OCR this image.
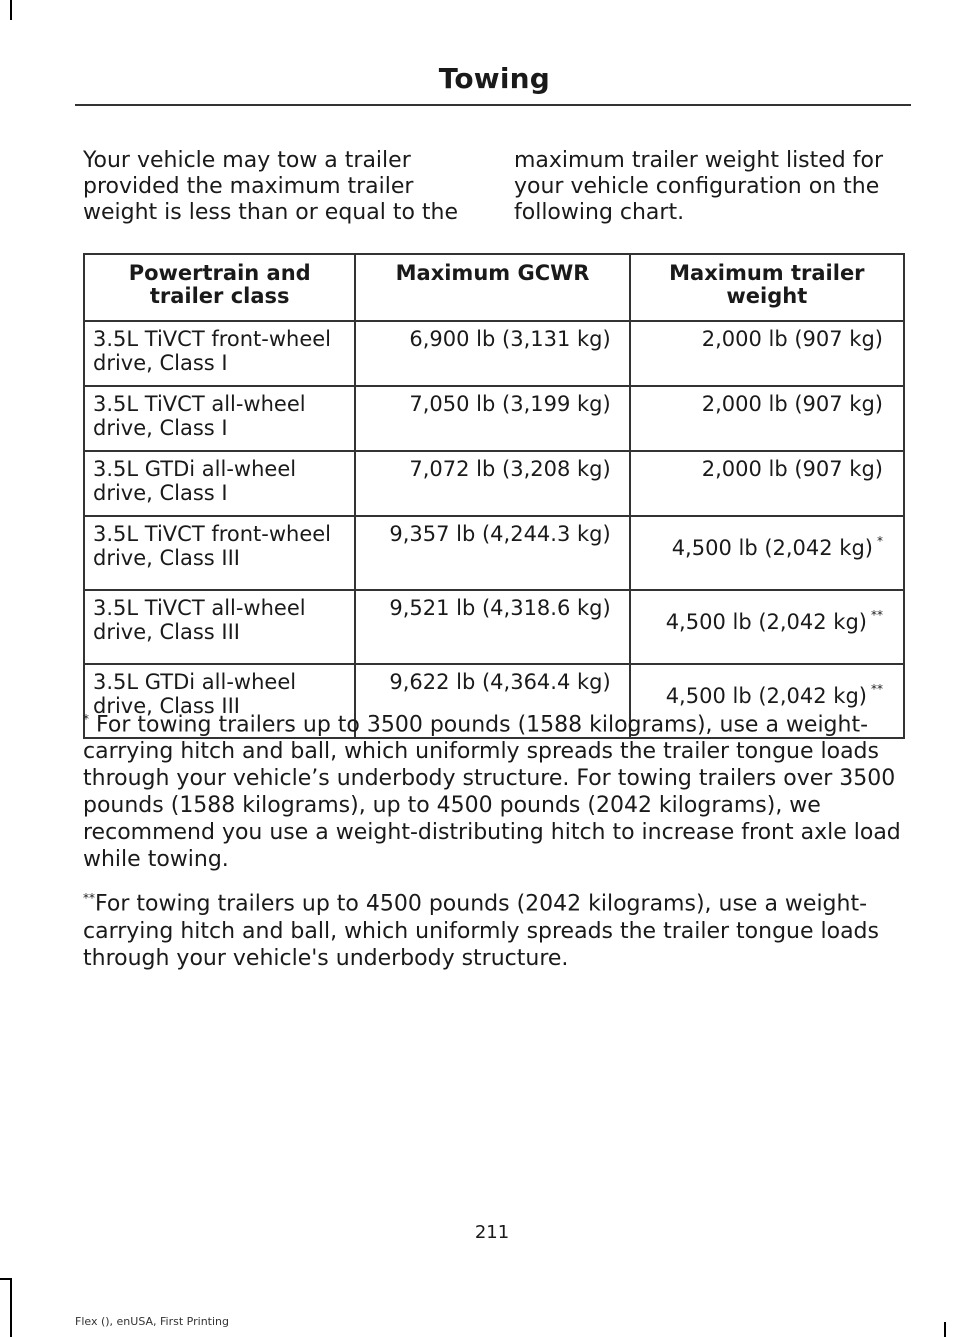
Towing
Your vehicle may tow a trailer provided the maximum trailer weight is less than or equal to the
maximum trailer weight listed for your vehicle configuration on the following chart.
Powertrain and trailer class	Maximum GCWR	Maximum trailer weight
3.5L TiVCT front-wheel drive, Class I	6,900 lb (3,131 kg)	2,000 lb (907 kg)
3.5L TiVCT all-wheel drive, Class I	7,050 lb (3,199 kg)	2,000 lb (907 kg)
3.5L GTDi all-wheel drive, Class I	7,072 lb (3,208 kg)	2,000 lb (907 kg)
3.5L TiVCT front-wheel drive, Class III	9,357 lb (4,244.3 kg)	4,500 lb (2,042 kg) *
3.5L TiVCT all-wheel drive, Class III	9,521 lb (4,318.6 kg)	4,500 lb (2,042 kg) **
3.5L GTDi all-wheel drive, Class III	9,622 lb (4,364.4 kg)	4,500 lb (2,042 kg) **

* For towing trailers up to 3500 pounds (1588 kilograms), use a weight-carrying hitch and ball, which uniformly spreads the trailer tongue loads through your vehicle’s underbody structure. For towing trailers over 3500 pounds (1588 kilograms), up to 4500 pounds (2042 kilograms), we recommend you use a weight-distributing hitch to increase front axle load while towing.

**For towing trailers up to 4500 pounds (2042 kilograms), use a weight-carrying hitch and ball, which uniformly spreads the trailer tongue loads through your vehicle's underbody structure.

211
Flex (), enUSA, First Printing
